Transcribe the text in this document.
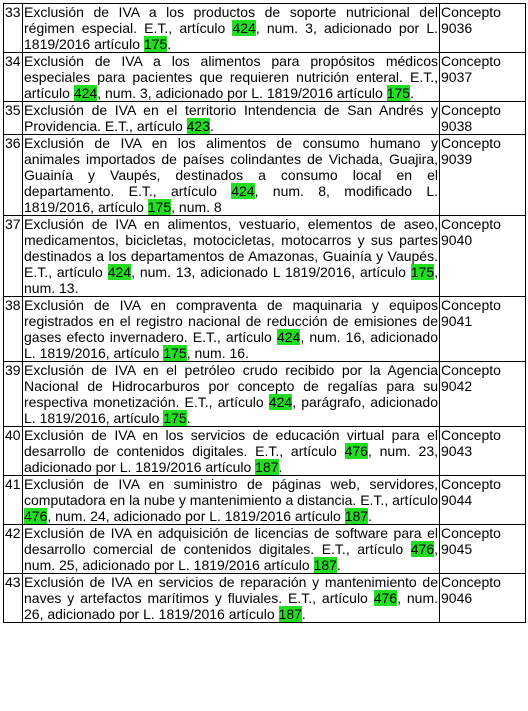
33	Exclusión de IVA a los productos de soporte nutricional del régimen especial. E.T., artículo 424, num. 3, adicionado por L. 1819/2016 artículo 175.	Concepto
9036

34	Exclusión de IVA a los alimentos para propósitos médicos especiales para pacientes que requieren nutrición enteral. E.T., artículo 424, num. 3, adicionado por L. 1819/2016 artículo 175.	Concepto
9037

35	Exclusión de IVA en el territorio Intendencia de San Andrés y Providencia. E.T., artículo 423.	Concepto
9038

36	Exclusión de IVA en los alimentos de consumo humano y animales importados de países colindantes de Vichada, Guajira, Guainía y Vaupés, destinados a consumo local en el departamento. E.T., artículo 424, num. 8, modificado L. 1819/2016, artículo 175, num. 8	Concepto
9039

37	Exclusión de IVA en alimentos, vestuario, elementos de aseo, medicamentos, bicicletas, motocicletas, motocarros y sus partes destinados a los departamentos de Amazonas, Guainía y Vaupés. E.T., artículo 424, num. 13, adicionado L 1819/2016, artículo 175, num. 13.	Concepto
9040

38	Exclusión de IVA en compraventa de maquinaria y equipos registrados en el registro nacional de reducción de emisiones de gases efecto invernadero. E.T., artículo 424, num. 16, adicionado L. 1819/2016, artículo 175, num. 16.	Concepto
9041

39	Exclusión de IVA en el petróleo crudo recibido por la Agencia Nacional de Hidrocarburos por concepto de regalías para su respectiva monetización. E.T., artículo 424, parágrafo, adicionado L. 1819/2016, artículo 175.	Concepto
9042

40	Exclusión de IVA en los servicios de educación virtual para el desarrollo de contenidos digitales. E.T., artículo 476, num. 23, adicionado por L. 1819/2016 artículo 187.	Concepto
9043

41	Exclusión de IVA en suministro de páginas web, servidores, computadora en la nube y mantenimiento a distancia. E.T., artículo 476, num. 24, adicionado por L. 1819/2016 artículo 187.	Concepto
9044

42	Exclusión de IVA en adquisición de licencias de software para el desarrollo comercial de contenidos digitales. E.T., artículo 476, num. 25, adicionado por L. 1819/2016 artículo 187.	Concepto
9045

43	Exclusión de IVA en servicios de reparación y mantenimiento de naves y artefactos marítimos y fluviales. E.T., artículo 476, num. 26, adicionado por L. 1819/2016 artículo 187.	Concepto
9046
